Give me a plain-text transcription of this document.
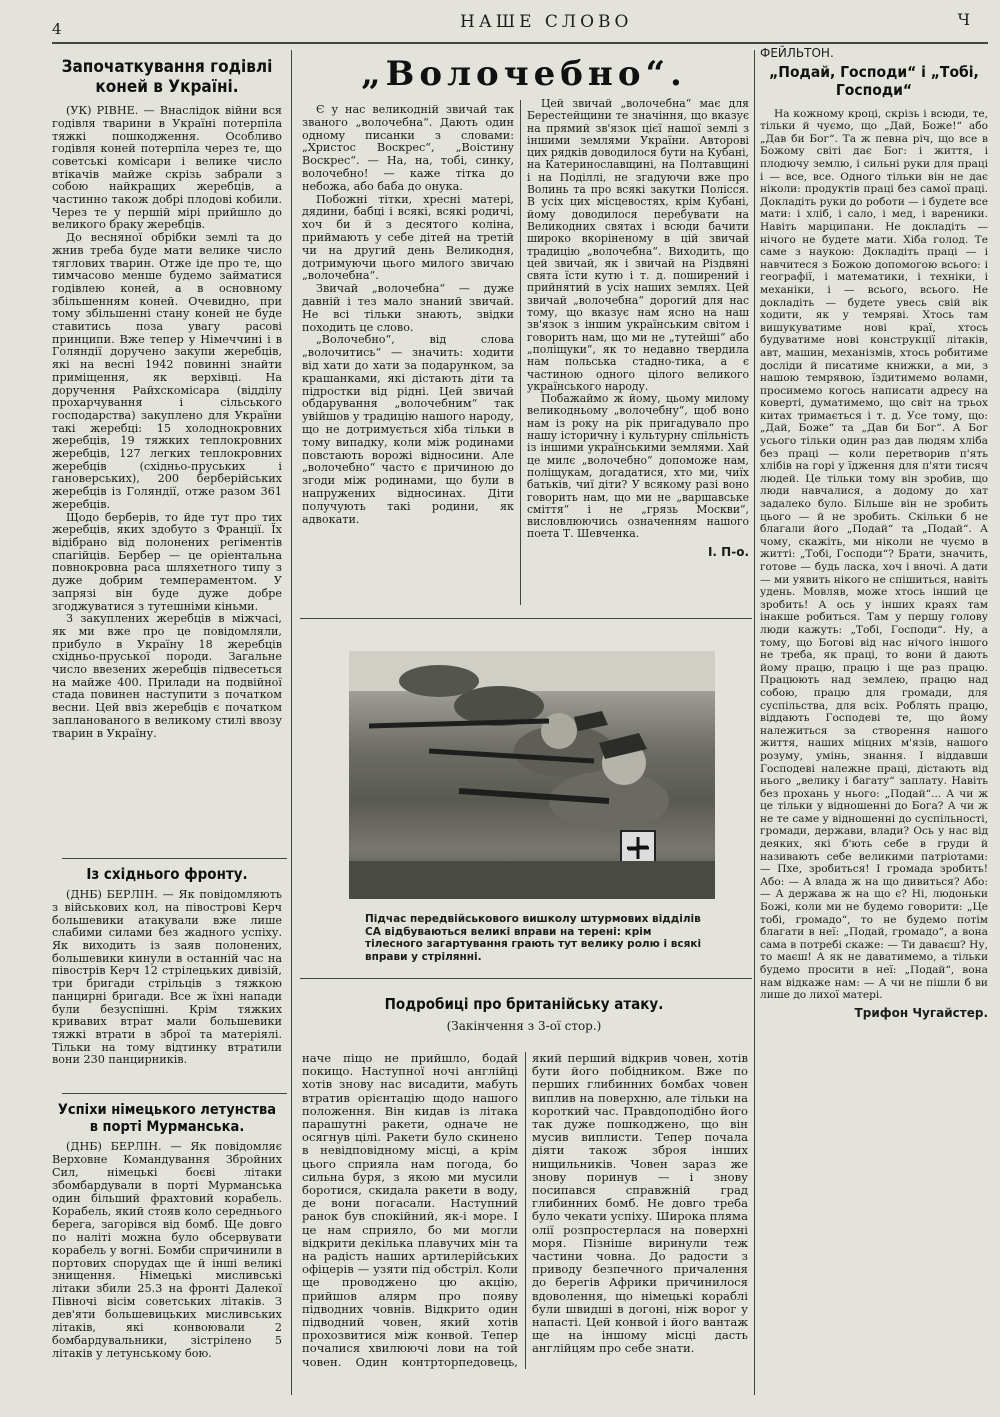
4	НАШЕ СЛОВО	Ч
Започаткування годівлі коней в Україні.

(УК) РІВНЕ. — Внаслідок війни вся годівля тварини в Україні потерпіла тяжкі пошкодження. Особливо годівля коней потерпіла через те, що советські комісари і велике число втікачів майже скрізь забрали з собою найкращих жеребців, а частинно також добрі плодові кобили. Через те у першій мірі прийшло до великого браку жеребців.

До весняної обрібки землі та до жнив треба буде мати велике число тяглових тварин. Отже іде про те, що тимчасово менше будемо займатися годівлею коней, а в основному збільшенням коней. Очевидно, при тому збільшенні стану коней не буде ставитись поза увагу расові принципи. Вже тепер у Німеччині і в Голяндії доручено закупи жеребців, які на весні 1942 повинні знайти приміщення, як верхівці. На доручення Райхскомісара (відділу прохарчування і сільського господарства) закуплено для України такі жеребці: 15 холоднокровних жеребців, 19 тяжких теплокровних жеребців, 127 легких теплокровних жеребців (східньо-пруських і гановерських), 200 берберійських жеребців із Голяндії, отже разом 361 жеребців.

Щодо берберів, то йде тут про тих жеребців, яких здобуто з Франції. Їх відібрано від полонених регіментів спагійців. Бербер — це оріентальна повнокровна раса шляхетного типу з дуже добрим темпераментом. У запрязі він буде дуже добре згоджуватися з тутешніми кіньми.

З закуплених жеребців в міжчасі, як ми вже про це повідомляли, прибуло в Україну 18 жеребців східньо-пруської породи. Загальне число ввезених жеребців підвесеться на майже 400. Прилади на подвійної стада повинен наступити з початком весни. Цей ввіз жеребців є початком запланованого в великому стилі ввозу тварин в Україну.

Із східнього фронту.

(ДНБ) БЕРЛІН. — Як повідомляють з військових кол, на півострові Керч большевики атакували вже лише слабими силами без жадного успіху. Як виходить із заяв полонених, большевики кинули в останній час на півострів Керч 12 стрілецьких дивізій, три бригади стрільців з тяжкою панцирні бригади. Все ж їхні напади були безуспішні. Крім тяжких кривавих втрат мали большевики тяжкі втрати в зброї та матеріялі. Тільки на тому відтинку втратили вони 230 панцирників.

Успіхи німецького летунства в порті Мурманська.

(ДНБ) БЕРЛІН. — Як повідомляє Верховне Командування Збройних Сил, німецькі боєві літаки збомбардували в порті Мурманська один більший фрахтовий корабель. Корабель, який стояв коло середнього берега, загорівся від бомб. Ще довго по наліті можна було обсервувати корабель у вогні. Бомби спричинили в портових спорудах ще й інші великі знищення. Німецькі мисливські літаки збили 25.3 на фронті Далекої Півночі вісім советських літаків. З дев'яти большевицьких мисливських літаків, які конвоювали 2 бомбардувальники, зістрілено 5 літаків у летунському бою.

„Волочебно“.

Є у нас великодній звичай так званого „волочебна“. Дають один одному писанки з словами: „Христос Воскрес“, „Воістину Воскрес“. — На, на, тобі, синку, волочебно! — каже тітка до небожа, або баба до онука.

Побожні тітки, хресні матері, дядини, бабці і всякі, всякі родичі, хоч би й з десятого коліна, приймають у себе дітей на третій чи на другий день Великодня, дотримуючи цього милого звичаю „волочебна“.

Звичай „волочебна“ — дуже давній і тез мало знаний звичай. Не всі тільки знають, звідки походить це слово.

„Волочебно“, від слова „волочитись“ — значить: ходити від хати до хати за подарунком, за крашанками, які дістають діти та підростки від рідні. Цей звичай обдарування „волочебним“ так увійшов у традицію нашого народу, що не дотримується хіба тільки в тому випадку, коли між родинами повстають ворожі відносини. Але „волочебно“ часто є причиною до згоди між родинами, що були в напружених відносинах. Діти получують такі родини, як адвокати.

Цей звичай „волочебна“ має для Берестейщини те значіння, що вказує на прямий зв'язок цієї нашої землі з іншими землями України. Авторові цих рядків доводилося бути на Кубані, на Катеринославщині, на Полтавщині і на Поділлі, не згадуючи вже про Волинь та про всякі закутки Полісся. В усіх цих місцевостях, крім Кубані, йому доводилося перебувати на Великодних святах і всюди бачити широко вкоріненому в цій звичай традицію „волочебна“. Виходить, що цей звичай, як і звичай на Різдвяні свята їсти кутю і т. д. поширений і прийнятий в усіх наших землях. Цей звичай „волочебна“ дорогий для нас тому, що вказує нам ясно на наш зв'язок з іншим українським світом і говорить нам, що ми не „тутейші“ або „поліщуки“, як то недавно твердила нам польська стадно-тика, а є частиною одного цілого великого українського народу.

Побажаймо ж йому, цьому милому великодньому „волочебну“, щоб воно нам із року на рік пригадувало про нашу історичну і культурну спільність із іншими українськими землями. Хай це милє „волочебно“ допоможе нам, поліщукам, догадатися, хто ми, чиїх батьків, чиї діти? У всякому разі воно говорить нам, що ми не „варшавське сміття“ і не „грязь Москви“, висловлюючись означенням нашого поета Т. Шевченка.

І. П-о.
Підчас передвійськового вишколу штурмових відділів СА відбуваються великі вправи на терені: крім тілесного загартування грають тут велику ролю і всякі вправи у стрілянні.
Подробиці про британійську атаку.
(Закінчення з 3-ої стор.)

наче піщо не прийшло, бодай покищо. Наступної ночі англійці хотів знову нас висадити, мабуть втратив орієнтацію щодо нашого положення. Він кидав із літака парашутні ракети, одначе не осягнув цілі. Ракети було скинено в невідповідному місці, а крім цього сприяла нам погода, бо сильна буря, з якою ми мусили боротися, скидала ракети в воду, де вони погасали. Наступний ранок був спокійний, як-і море. І це нам сприяло, бо ми могли відкрити декілька плавучих мін та на радість наших артилерійських офіцерів — узяти під обстріл. Коли ще проводжено цю акцію, прийшов алярм про появу підводних човнів. Відкрито один підводний човен, який хотів прохозвитися між конвой. Тепер почалися хвилюючі лови на той човен. Один контрторпедовець, який перший відкрив човен, хотів бути його побідником. Вже по перших глибинних бомбах човен виплив на поверхню, але тільки на короткий час. Правдоподібно його так дуже пошкоджено, що він мусив виплисти. Тепер почала діяти також зброя інших нищильників. Човен зараз же знову поринув — і знову посипався справжній град глибинних бомб. Не довго треба було чекати успіху. Широка пляма олії розпростерлася на поверхні моря. Пізніше виринули теж частини човна. До радости з приводу безпечного причалення до берегів Африки причинилося вдоволення, що німецькі кораблі були швидші в догоні, ніж ворог у напасті. Цей конвой і його вантаж ще на іншому місці дасть англійцям про себе знати.

ФЕЙЛЬТОН.
„Подай, Господи“ і „Тобі, Господи“

На кожному кроці, скрізь і всюди, те, тільки й чуємо, що „Дай, Боже!“ або „Дав би Бог“. Та ж певна річ, що все в Божому світі дає Бог: і життя, і плодючу землю, і сильні руки для праці і — все, все. Одного тільки він не дає ніколи: продуктів праці без самої праці. Докладіть руки до роботи — і будете все мати: і хліб, і сало, і мед, і вареники. Навіть марципани. Не докладіть — нічого не будете мати. Хіба голод. Те саме з наукою: Докладіть праці — і навчитеся з Божою допомогою всього: і географії, і математики, і техніки, і механіки, і — всього, всього. Не докладіть — будете увесь свій вік ходити, як у темряві. Хтось там вишукуватиме нові краї, хтось будуватиме нові конструкції літаків, авт, машин, механізмів, хтось робитиме досліди й писатиме книжки, а ми, з нашою темрявою, їздитимемо волами, просимемо когось написати адресу на коверті, думатимемо, що світ на трьох китах тримається і т. д. Усе тому, що: „Дай, Боже“ та „Дав би Бог“. А Бог усього тільки один раз дав людям хліба без праці — коли перетворив п'ять хлібів на горі у їдження для п'яти тисяч людей. Це тільки тому він зробив, що люди навчалися, а додому до хат задалеко було. Більше він не зробить цього — й не зробить. Скільки б не благали його „Подай“ та „Подай“. А чому, скажіть, ми ніколи не чуємо в житті: „Тобі, Господи“? Брати, значить, готове — будь ласка, хоч і вночі. А дати — ми уявить нікого не спішиться, навіть удень. Мовляв, може хтось інший це зробить! А ось у інших краях там інакше робиться. Там у першу голову люди кажуть: „Тобі, Господи“. Ну, а тому, що Богові від нас нічого іншого не треба, як праці, то вони й дають йому працю, працю і ще раз працю. Працюють над землею, працю над собою, працю для громади, для суспільства, для всіх. Роблять працю, віддають Господеві те, що йому належиться за створення нашого життя, наших міцних м'язів, нашого розуму, умінь, знання. І віддавши Господеві належне праці, дістають від нього „велику і багату“ заплату. Навіть без прохань у нього: „Подай“... А чи ж це тільки у відношенні до Бога? А чи ж не те саме у відношенні до суспільності, громади, держави, влади? Ось у нас від деяких, які б'ють себе в груди й називають себе великими патріотами: — Пхе, зробиться! І громада зробить! Або: — А влада ж на що дивиться? Або: — А держава ж на що є? Ні, людоньки Божі, коли ми не будемо говорити: „Це тобі, громадо“, то не будемо потім благати в неї: „Подай, громадо“, а вона сама в потребі скаже: — Ти даваєш? Ну, то маєш! А як не даватимемо, а тільки будемо просити в неї: „Подай“, вона нам відкаже нам: — А чи не пішли б ви лише до лихої матері.

Трифон Чугайстер.
